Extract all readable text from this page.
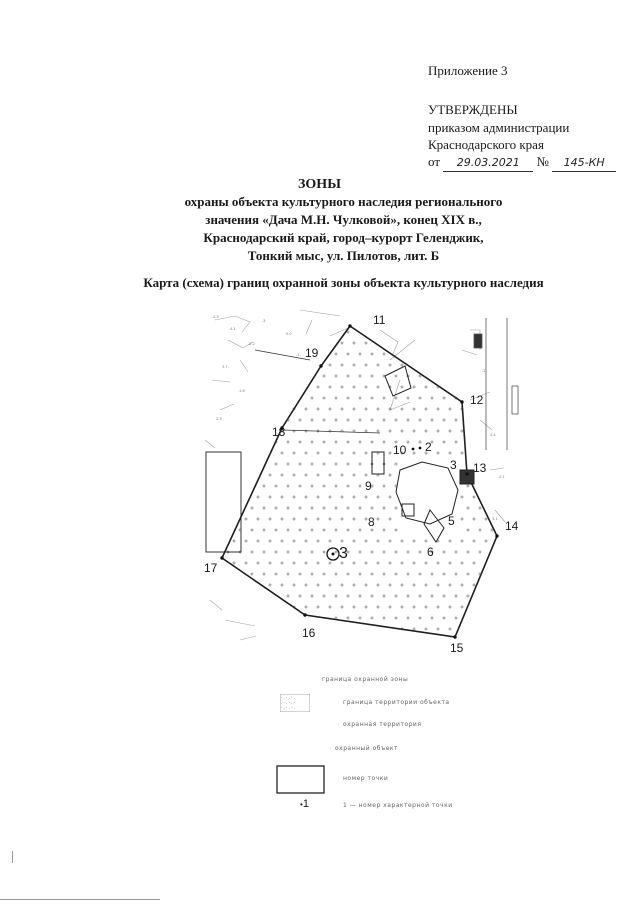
Приложение 3
УТВЕРЖДЕНЫ
приказом администрации
Краснодарского края
от 29.03.2021 № 145-КН
ЗОНЫ
охраны объекта культурного наследия регионального
значения «Дача М.Н. Чулковой», конец XIX в.,
Краснодарский край, город–курорт Геленджик,
Тонкий мыс, ул. Пилотов, лит. Б
Карта (схема) границ охранной зоны объекта культурного наследия
.2.5
4.1
.2.2
3.7.
.1.6
2.3
.3.
5.0
.1.
.2.
4.4
.2.1
3.1
11
12
13
14
15
16
17
18
19
10 2
3
9
8	5
6
3
граница охранной зоны
· . · . · .
. · . · . ·
· . · . · .
граница территории объекта
охранная территория
охранный объект
номер точки
•1	1 — номер характерной точки
